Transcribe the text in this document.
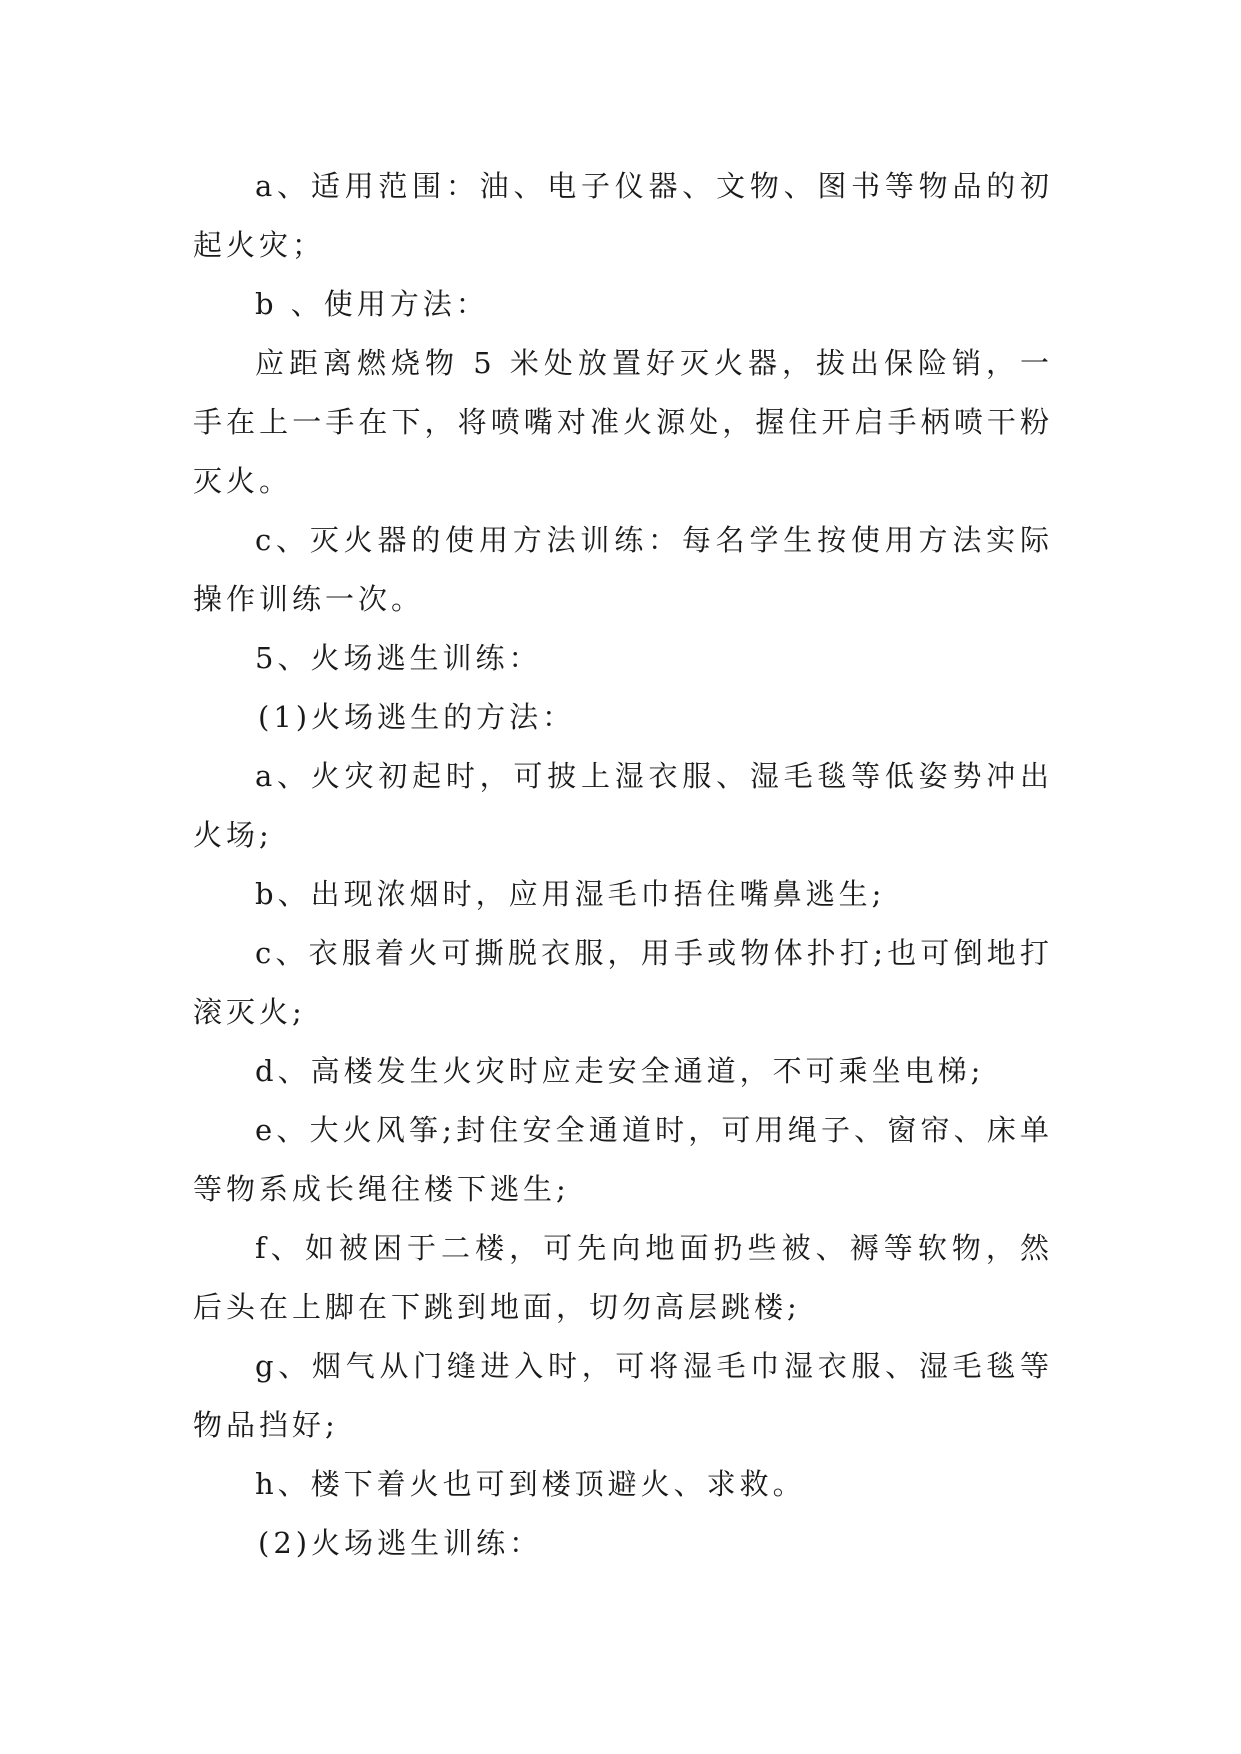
a、适用范围：油、电子仪器、文物、图书等物品的初起火灾；

b 、使用方法：

应距离燃烧物 5 米处放置好灭火器，拔出保险销，一手在上一手在下，将喷嘴对准火源处，握住开启手柄喷干粉灭火。

c、灭火器的使用方法训练：每名学生按使用方法实际操作训练一次。

5、火场逃生训练：

(1)火场逃生的方法：

a、火灾初起时，可披上湿衣服、湿毛毯等低姿势冲出火场;

b、出现浓烟时，应用湿毛巾捂住嘴鼻逃生;

c、衣服着火可撕脱衣服，用手或物体扑打;也可倒地打滚灭火;

d、高楼发生火灾时应走安全通道，不可乘坐电梯;

e、大火风筝;封住安全通道时，可用绳子、窗帘、床单等物系成长绳往楼下逃生;

f、如被困于二楼，可先向地面扔些被、褥等软物，然后头在上脚在下跳到地面，切勿高层跳楼;

g、烟气从门缝进入时，可将湿毛巾湿衣服、湿毛毯等物品挡好;

h、楼下着火也可到楼顶避火、求救。

(2)火场逃生训练：
